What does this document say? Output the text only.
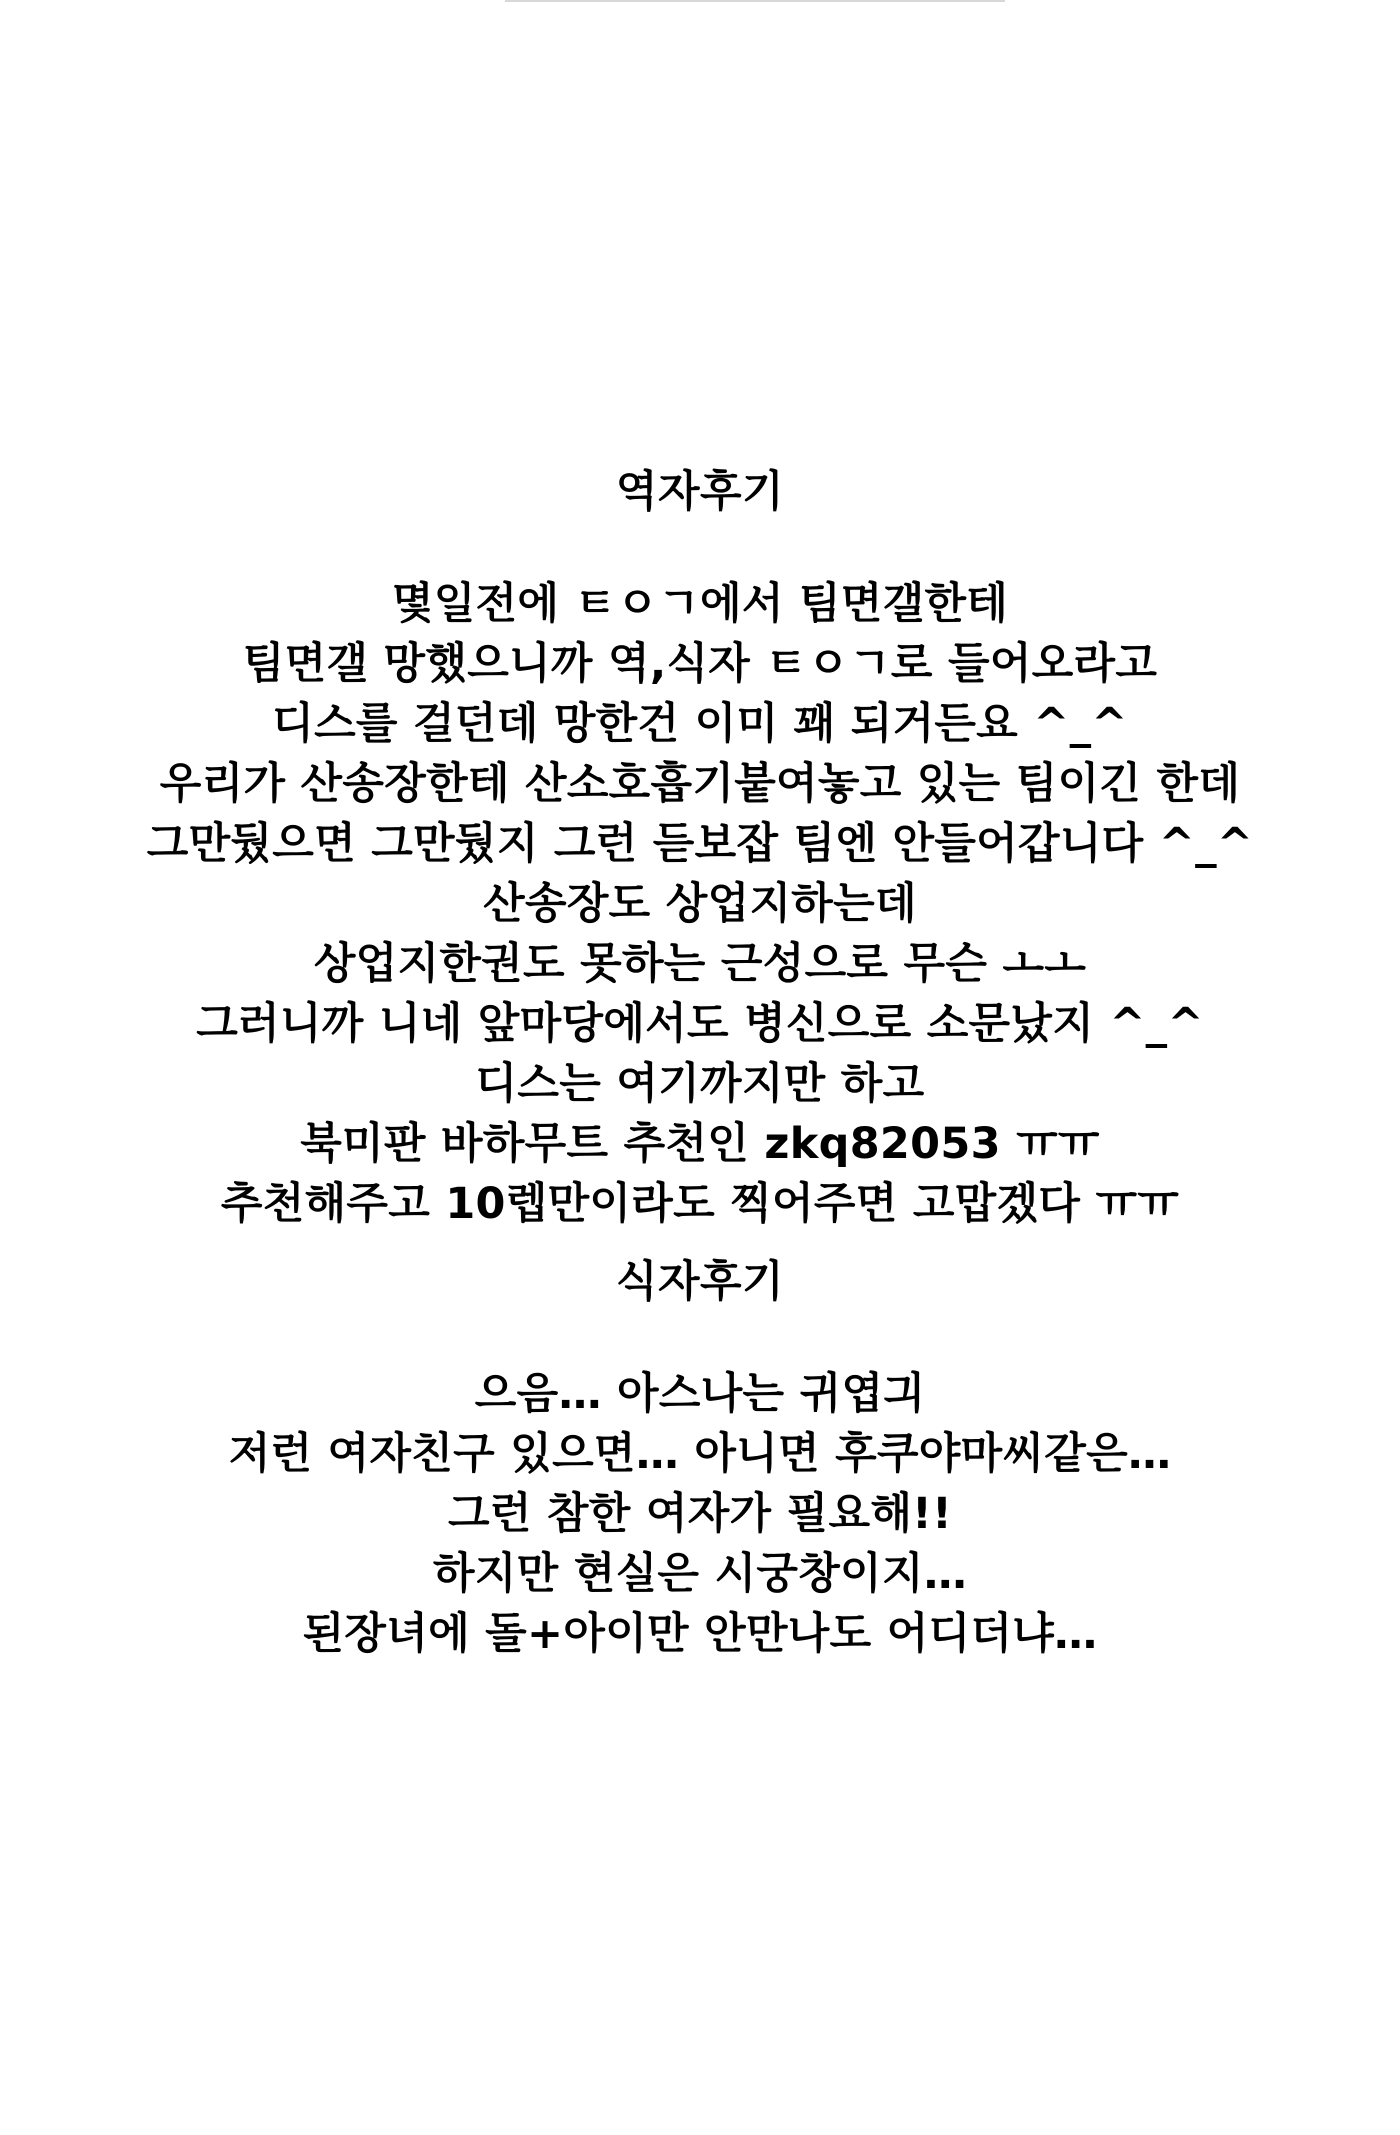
역자후기
몇일전에 ㅌㅇㄱ에서 팀면갤한테
팀면갤 망했으니까 역,식자 ㅌㅇㄱ로 들어오라고
디스를 걸던데 망한건 이미 꽤 되거든요 ^_^
우리가 산송장한테 산소호흡기붙여놓고 있는 팀이긴 한데
그만뒀으면 그만뒀지 그런 듣보잡 팀엔 안들어갑니다 ^_^
산송장도 상업지하는데
상업지한권도 못하는 근성으로 무슨 ㅗㅗ
그러니까 니네 앞마당에서도 병신으로 소문났지 ^_^
디스는 여기까지만 하고
북미판 바하무트 추천인 zkq82053 ㅠㅠ
추천해주고 10렙만이라도 찍어주면 고맙겠다 ㅠㅠ
식자후기
으음… 아스나는 귀엽긔
저런 여자친구 있으면… 아니면 후쿠야마씨같은…
그런 참한 여자가 필요해!!
하지만 현실은 시궁창이지…
된장녀에 돌+아이만 안만나도 어디더냐…
